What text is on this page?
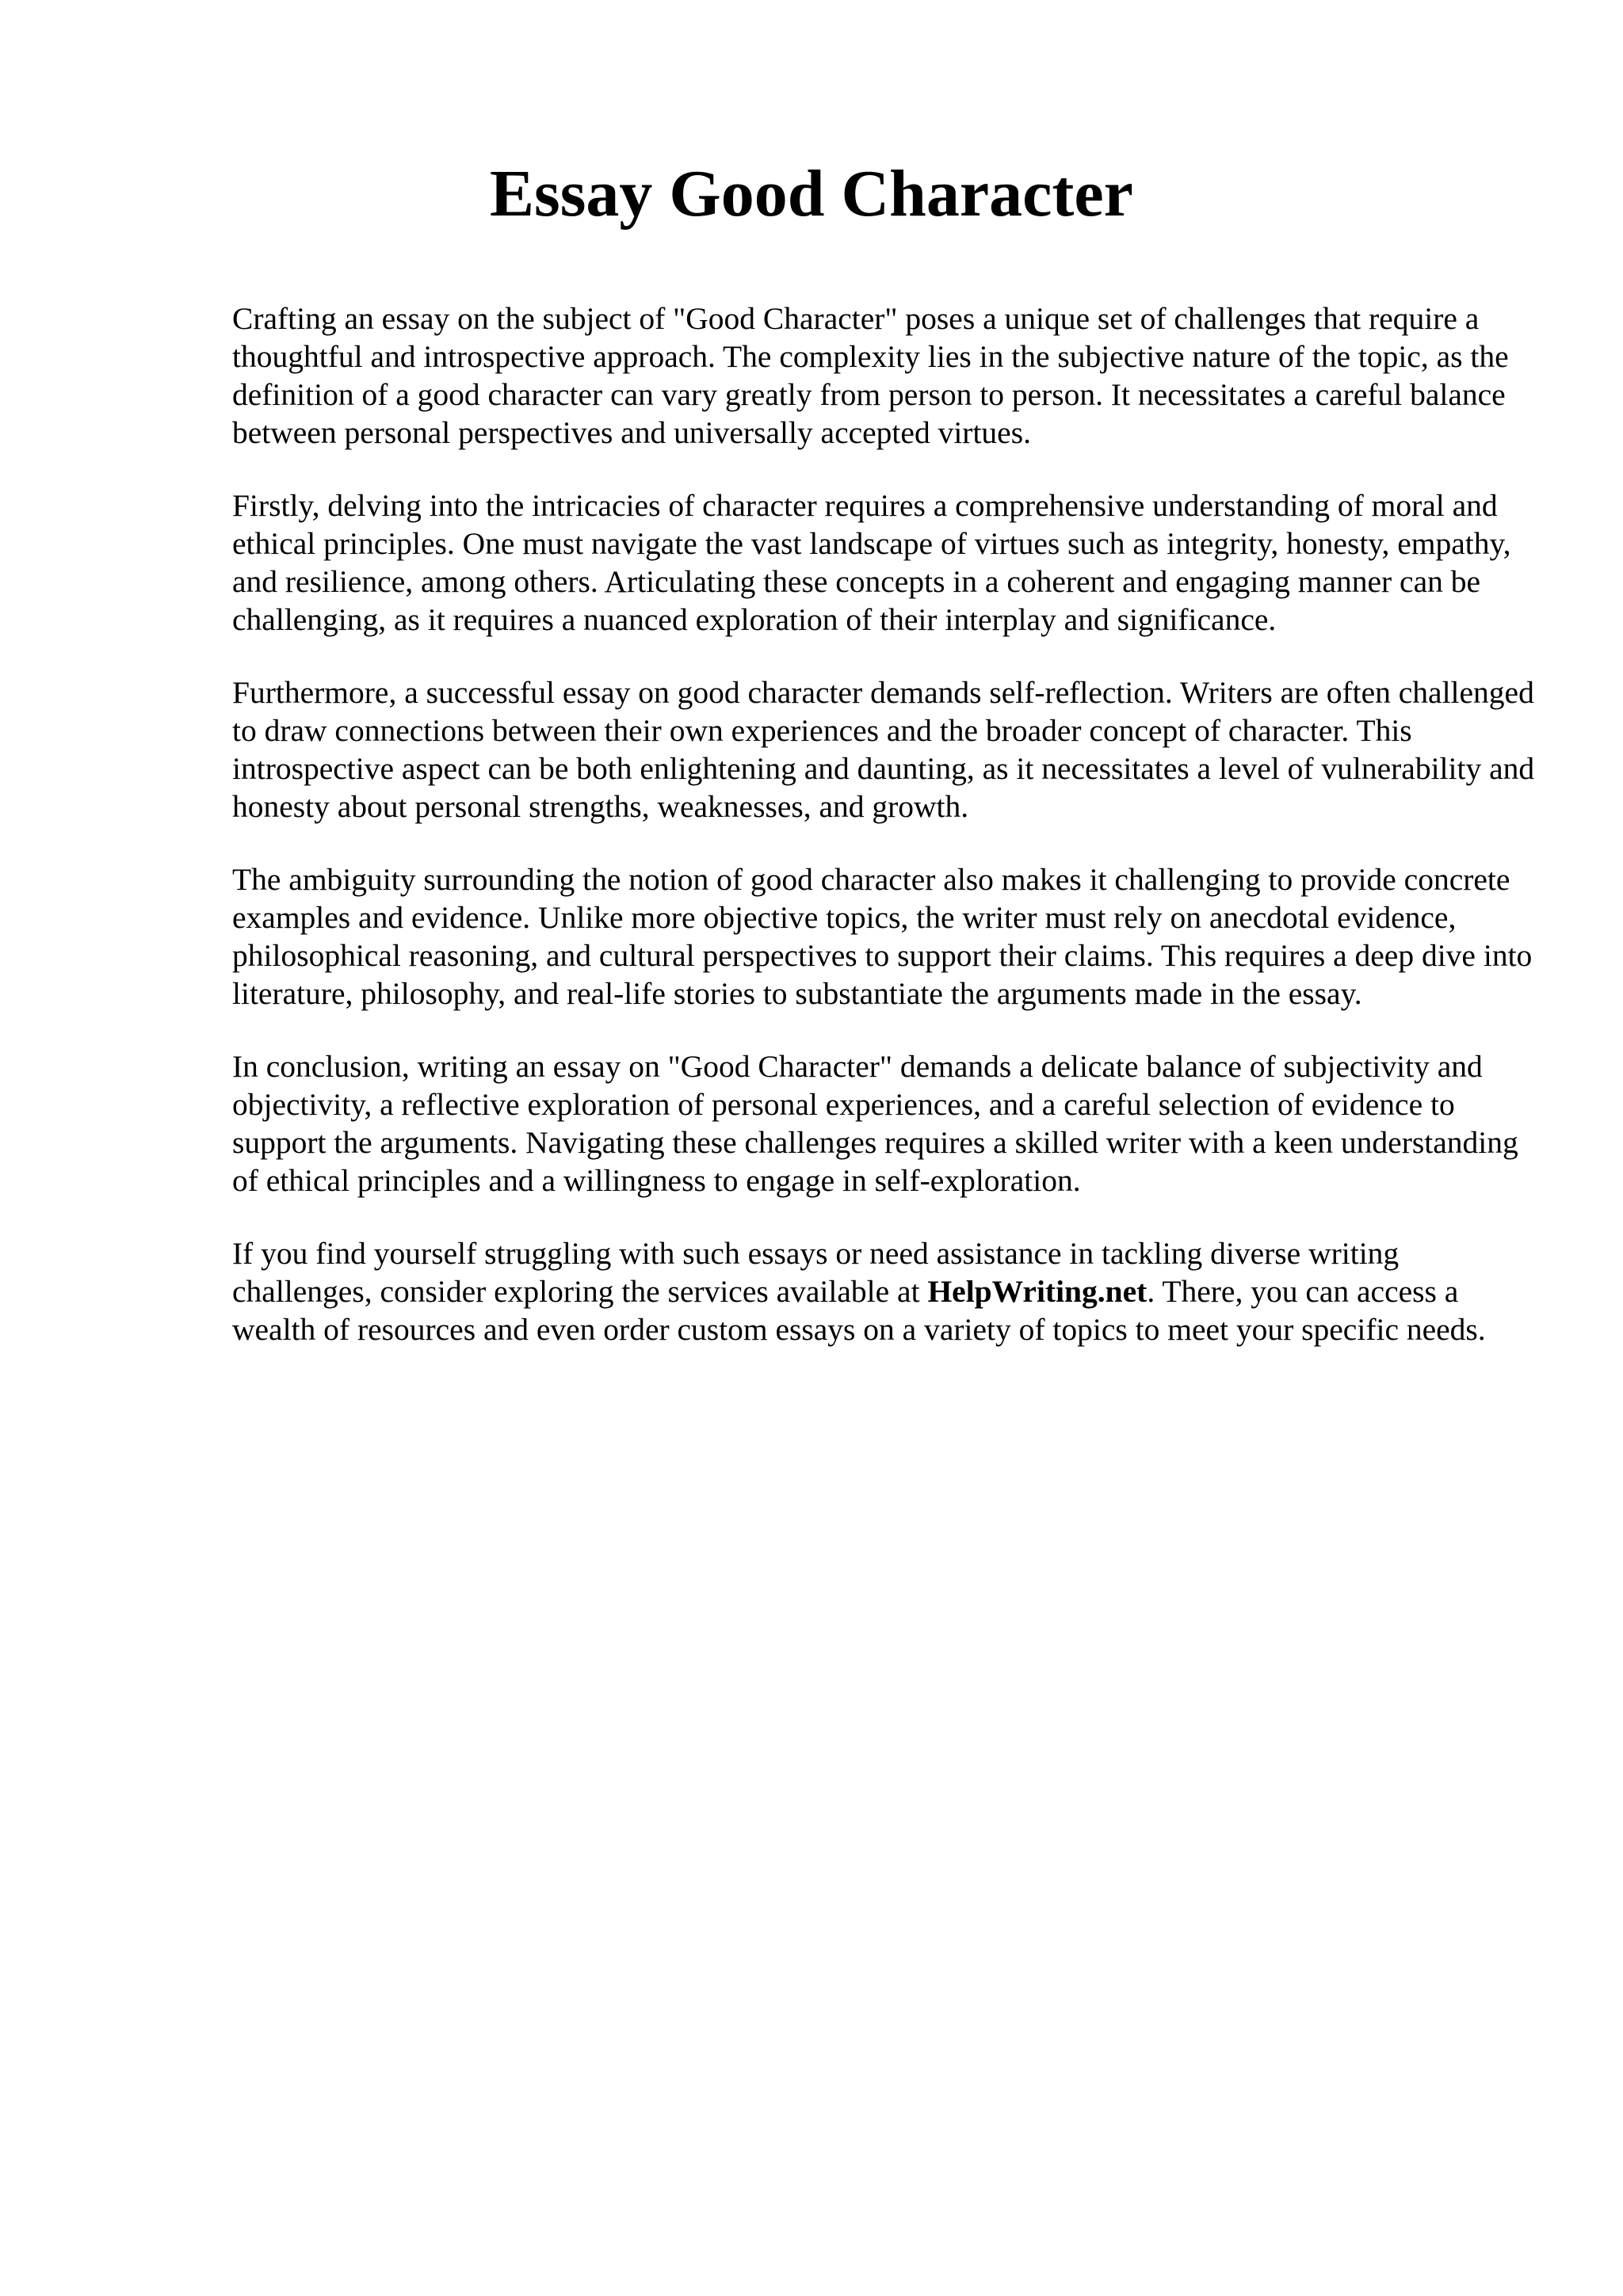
Essay Good Character

Crafting an essay on the subject of "Good Character" poses a unique set of challenges that require a thoughtful and introspective approach. The complexity lies in the subjective nature of the topic, as the definition of a good character can vary greatly from person to person. It necessitates a careful balance between personal perspectives and universally accepted virtues.

Firstly, delving into the intricacies of character requires a comprehensive understanding of moral and ethical principles. One must navigate the vast landscape of virtues such as integrity, honesty, empathy, and resilience, among others. Articulating these concepts in a coherent and engaging manner can be challenging, as it requires a nuanced exploration of their interplay and significance.

Furthermore, a successful essay on good character demands self-reflection. Writers are often challenged to draw connections between their own experiences and the broader concept of character. This introspective aspect can be both enlightening and daunting, as it necessitates a level of vulnerability and honesty about personal strengths, weaknesses, and growth.

The ambiguity surrounding the notion of good character also makes it challenging to provide concrete examples and evidence. Unlike more objective topics, the writer must rely on anecdotal evidence, philosophical reasoning, and cultural perspectives to support their claims. This requires a deep dive into literature, philosophy, and real-life stories to substantiate the arguments made in the essay.

In conclusion, writing an essay on "Good Character" demands a delicate balance of subjectivity and objectivity, a reflective exploration of personal experiences, and a careful selection of evidence to support the arguments. Navigating these challenges requires a skilled writer with a keen understanding of ethical principles and a willingness to engage in self-exploration.

If you find yourself struggling with such essays or need assistance in tackling diverse writing challenges, consider exploring the services available at HelpWriting.net. There, you can access a wealth of resources and even order custom essays on a variety of topics to meet your specific needs.
